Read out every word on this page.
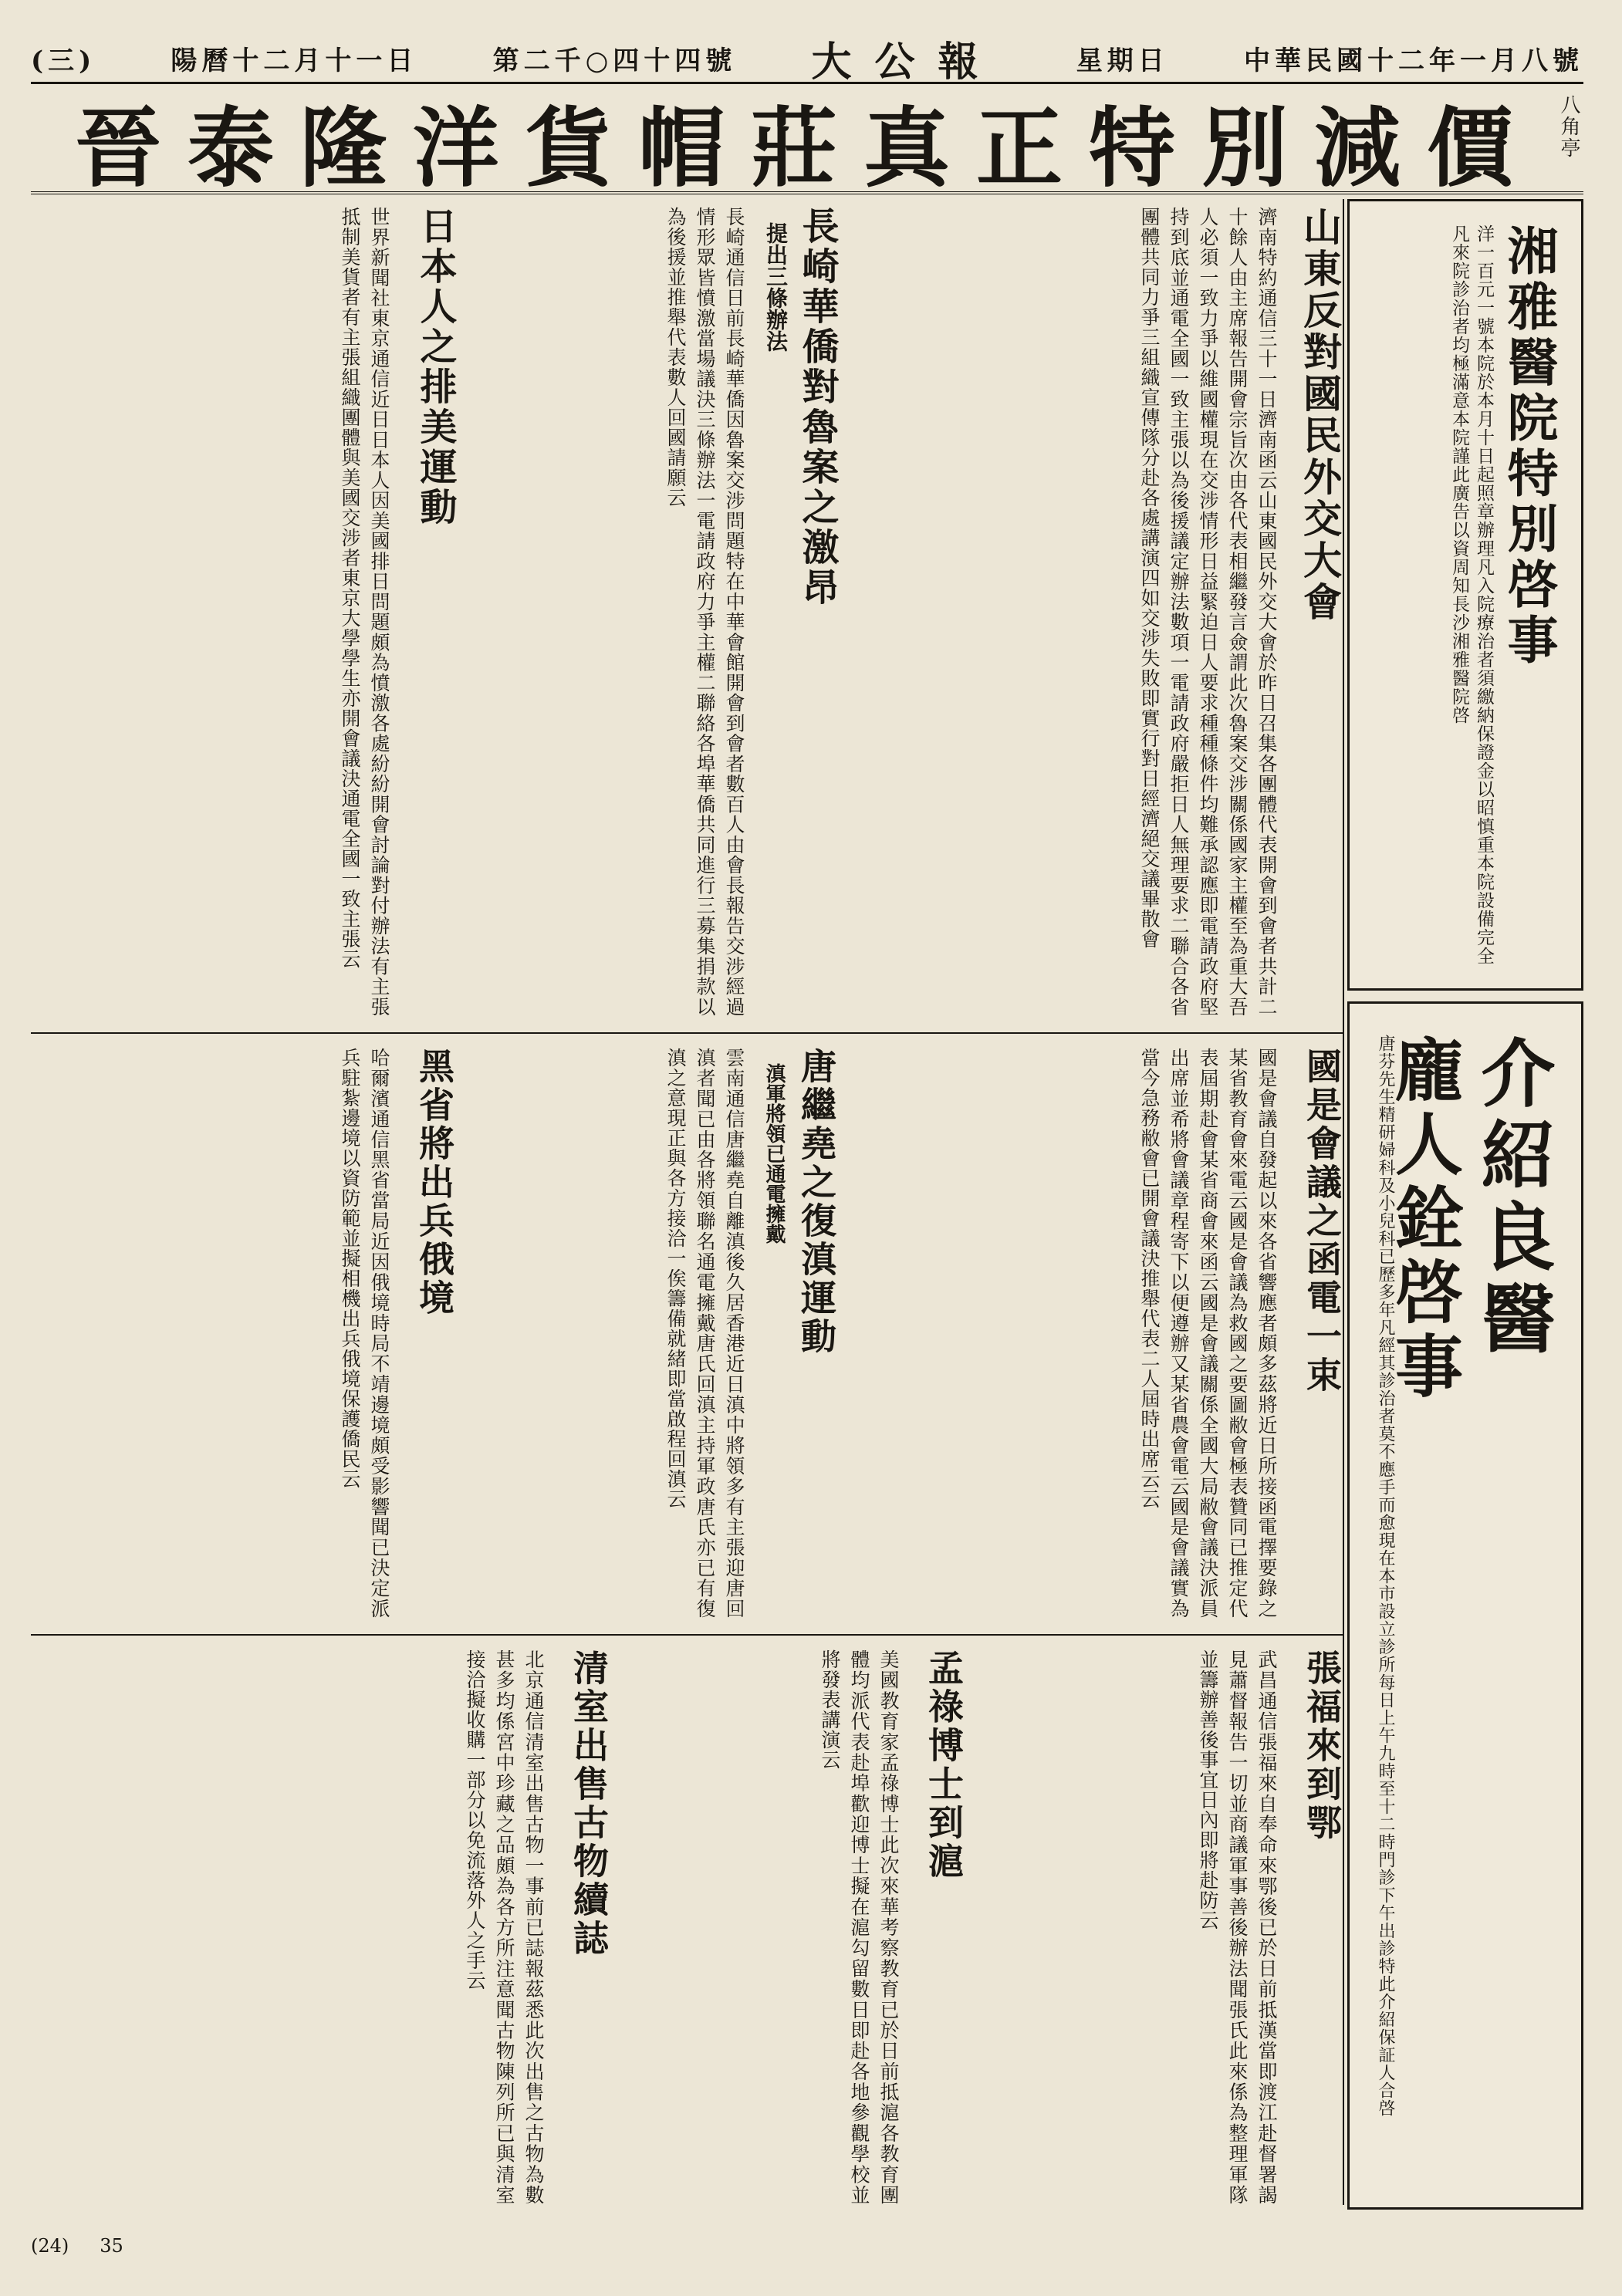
中華民國十二年一月八號
星期日
大公報
第二千○四十四號
陽曆十二月十一日
(三)
八角亭
晉泰隆洋貨帽莊真正特別減價
湘雅醫院特別啓事
洋一百元一號本院於本月十日起照章辦理凡入院療治者須繳納保證金以昭慎重本院設備完全凡來院診治者均極滿意本院謹此廣告以資周知長沙湘雅醫院啓
介紹良醫
龐人銓啓事
唐芬先生精研婦科及小兒科已歷多年凡經其診治者莫不應手而愈現在本市設立診所每日上午九時至十二時門診下午出診特此介紹保証人合啓
山東反對國民外交大會
濟南特約通信三十一日濟南函云山東國民外交大會於昨日召集各團體代表開會到會者共計二十餘人由主席報告開會宗旨次由各代表相繼發言僉謂此次魯案交涉關係國家主權至為重大吾人必須一致力爭以維國權現在交涉情形日益緊迫日人要求種種條件均難承認應即電請政府堅持到底並通電全國一致主張以為後援議定辦法數項一電請政府嚴拒日人無理要求二聯合各省團體共同力爭三組織宣傳隊分赴各處講演四如交涉失敗即實行對日經濟絕交議畢散會
長崎華僑對魯案之激昂
提出三條辦法
長崎通信日前長崎華僑因魯案交涉問題特在中華會館開會到會者數百人由會長報告交涉經過情形眾皆憤激當場議決三條辦法一電請政府力爭主權二聯絡各埠華僑共同進行三募集捐款以為後援並推舉代表數人回國請願云
日本人之排美運動
世界新聞社東京通信近日日本人因美國排日問題頗為憤激各處紛紛開會討論對付辦法有主張抵制美貨者有主張組織團體與美國交涉者東京大學學生亦開會議決通電全國一致主張云
國是會議之函電一束
國是會議自發起以來各省響應者頗多茲將近日所接函電擇要錄之某省教育會來電云國是會議為救國之要圖敝會極表贊同已推定代表屆期赴會某省商會來函云國是會議關係全國大局敝會議決派員出席並希將會議章程寄下以便遵辦又某省農會電云國是會議實為當今急務敝會已開會議決推舉代表二人屆時出席云云
唐繼堯之復滇運動
滇軍將領已通電擁戴
雲南通信唐繼堯自離滇後久居香港近日滇中將領多有主張迎唐回滇者聞已由各將領聯名通電擁戴唐氏回滇主持軍政唐氏亦已有復滇之意現正與各方接洽一俟籌備就緒即當啟程回滇云
黑省將出兵俄境
哈爾濱通信黑省當局近因俄境時局不靖邊境頗受影響聞已決定派兵駐紮邊境以資防範並擬相機出兵俄境保護僑民云
張福來到鄂
武昌通信張福來自奉命來鄂後已於日前抵漢當即渡江赴督署謁見蕭督報告一切並商議軍事善後辦法聞張氏此來係為整理軍隊並籌辦善後事宜日內即將赴防云
孟祿博士到滬
美國教育家孟祿博士此次來華考察教育已於日前抵滬各教育團體均派代表赴埠歡迎博士擬在滬勾留數日即赴各地參觀學校並將發表講演云
清室出售古物續誌
北京通信清室出售古物一事前已誌報茲悉此次出售之古物為數甚多均係宮中珍藏之品頗為各方所注意聞古物陳列所已與清室接洽擬收購一部分以免流落外人之手云
(24) 35
